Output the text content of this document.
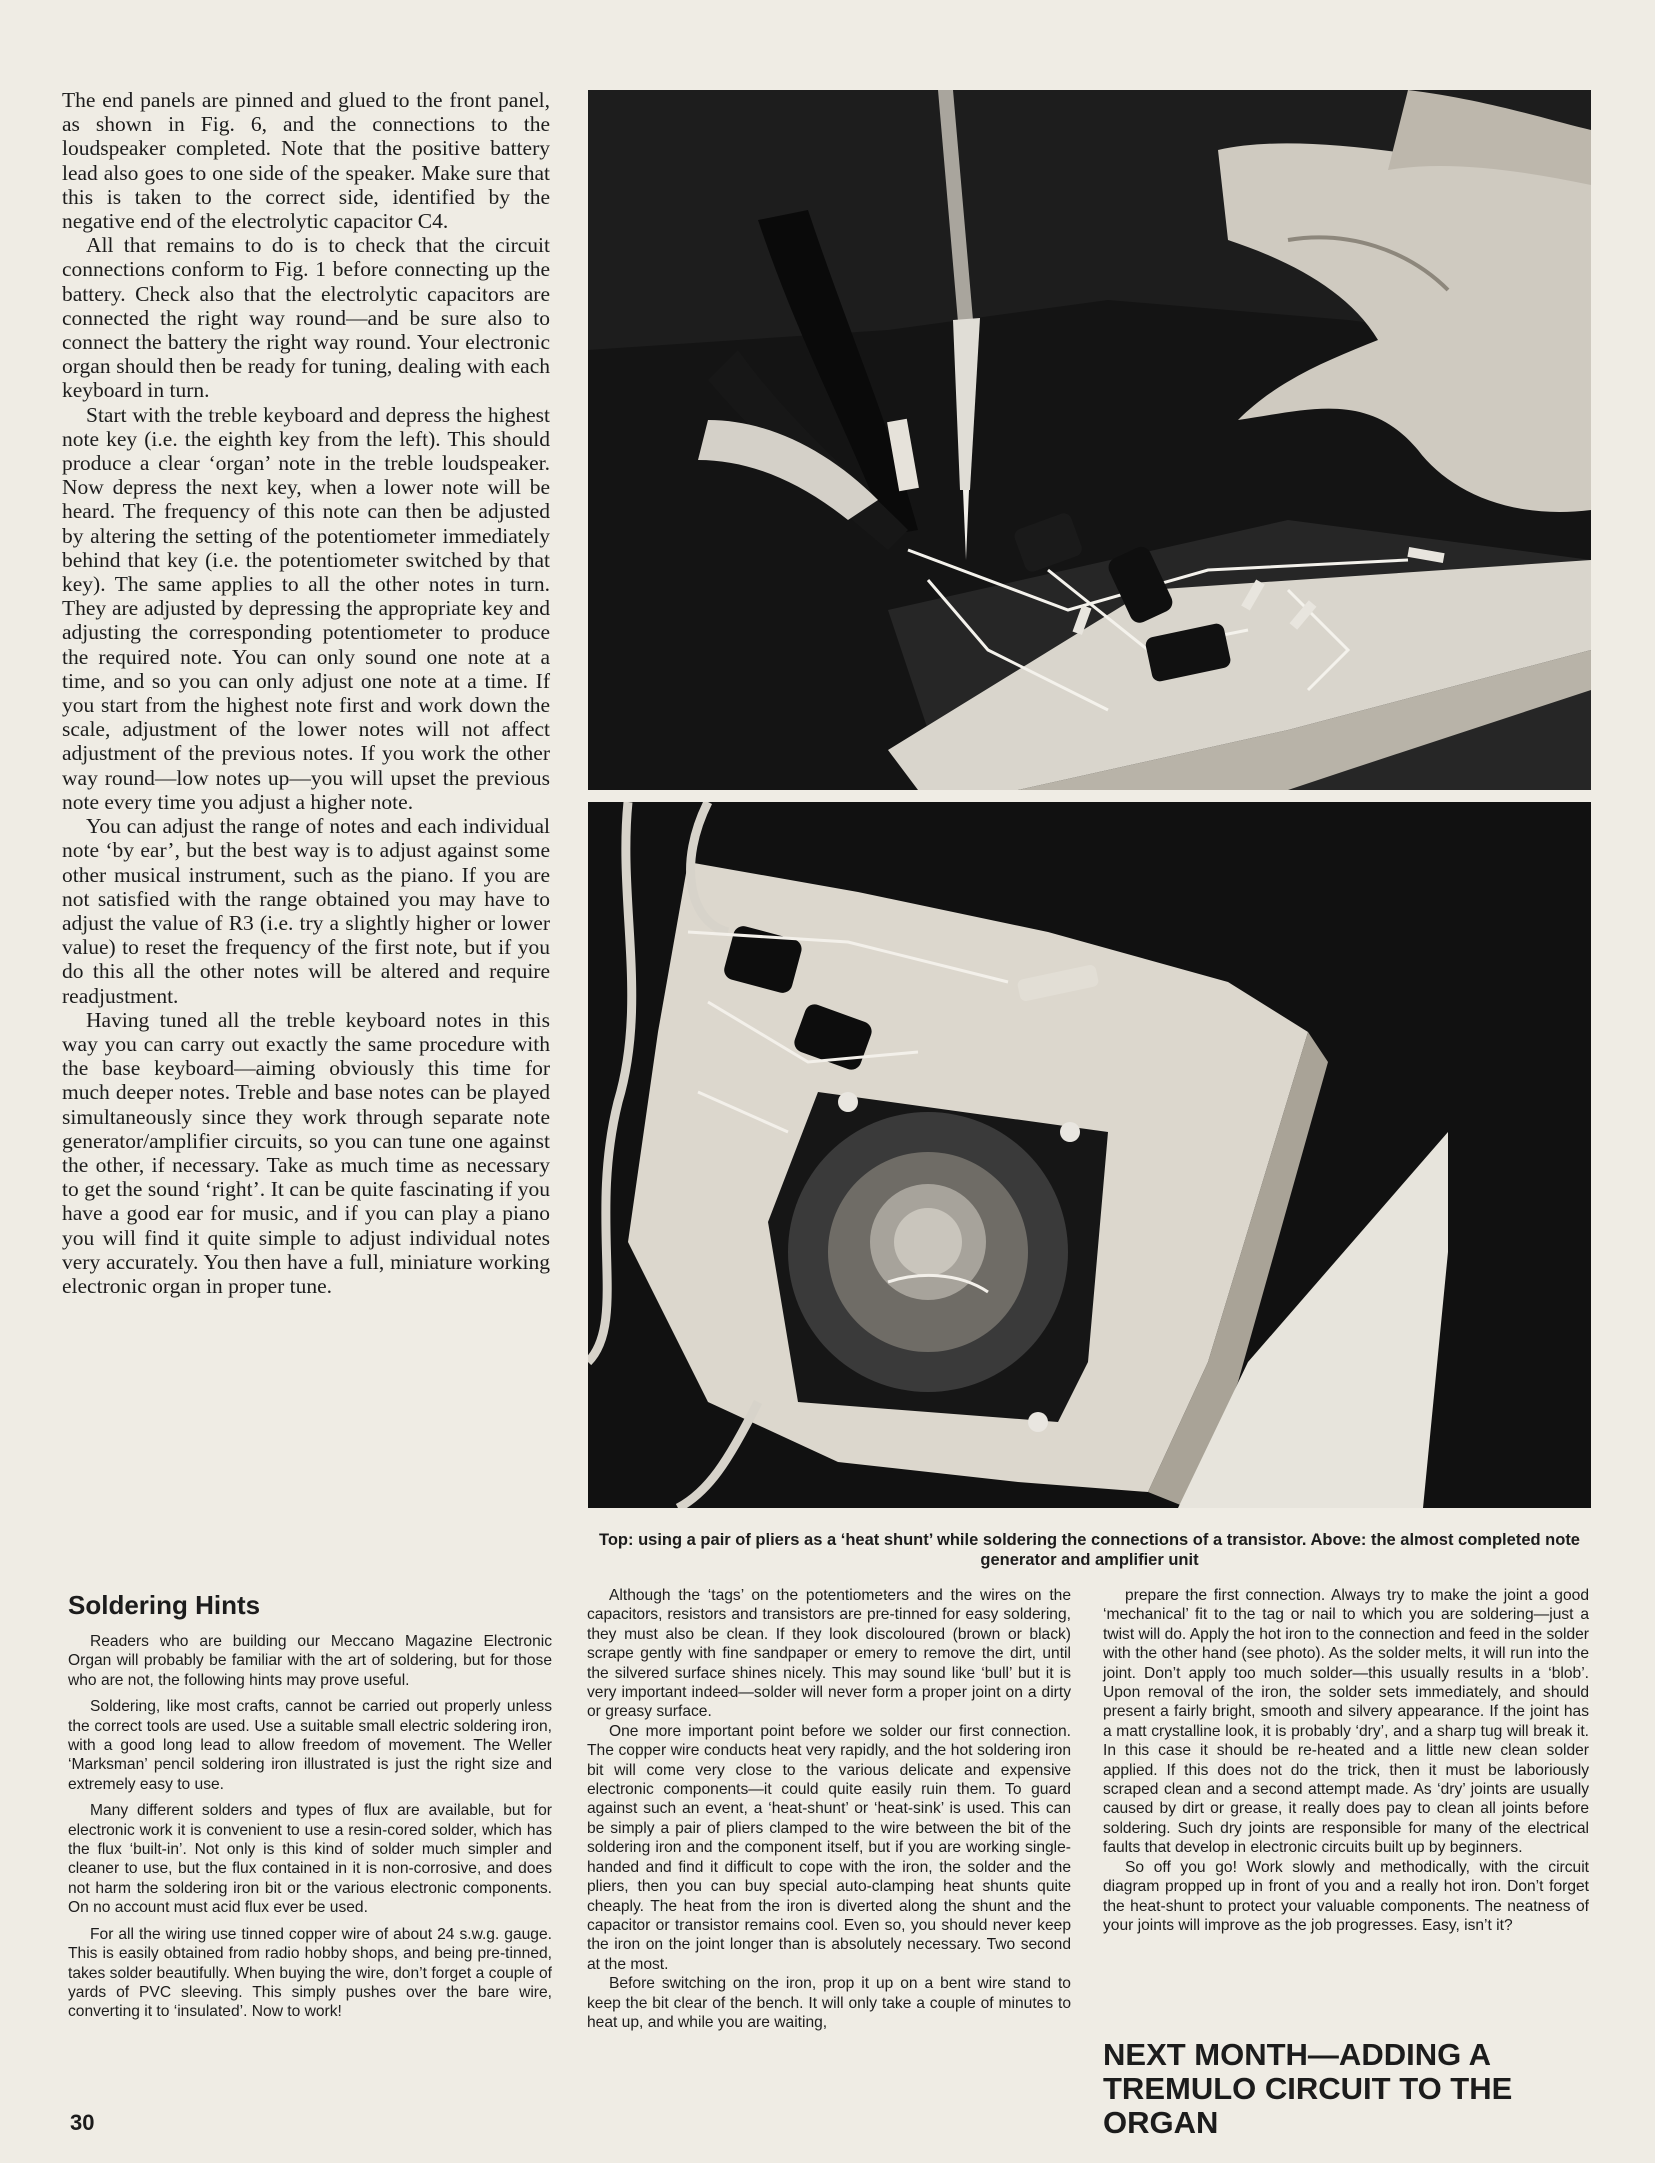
The end panels are pinned and glued to the front panel, as shown in Fig. 6, and the connections to the loudspeaker completed. Note that the positive battery lead also goes to one side of the speaker. Make sure that this is taken to the correct side, identified by the negative end of the electrolytic capacitor C4.

All that remains to do is to check that the circuit connections conform to Fig. 1 before connecting up the battery. Check also that the electrolytic capacitors are connected the right way round—and be sure also to connect the battery the right way round. Your electronic organ should then be ready for tuning, dealing with each keyboard in turn.

Start with the treble keyboard and depress the highest note key (i.e. the eighth key from the left). This should produce a clear ‘organ’ note in the treble loudspeaker. Now depress the next key, when a lower note will be heard. The frequency of this note can then be adjusted by altering the setting of the potentiometer immediately behind that key (i.e. the potentiometer switched by that key). The same applies to all the other notes in turn. They are adjusted by depressing the appropriate key and adjusting the corresponding potentiometer to produce the required note. You can only sound one note at a time, and so you can only adjust one note at a time. If you start from the highest note first and work down the scale, adjustment of the lower notes will not affect adjustment of the previous notes. If you work the other way round—low notes up—you will upset the previous note every time you adjust a higher note.

You can adjust the range of notes and each individual note ‘by ear’, but the best way is to adjust against some other musical instrument, such as the piano. If you are not satisfied with the range obtained you may have to adjust the value of R3 (i.e. try a slightly higher or lower value) to reset the frequency of the first note, but if you do this all the other notes will be altered and require readjustment.

Having tuned all the treble keyboard notes in this way you can carry out exactly the same procedure with the base keyboard—aiming obviously this time for much deeper notes. Treble and base notes can be played simultaneously since they work through separate note generator/amplifier circuits, so you can tune one against the other, if necessary. Take as much time as necessary to get the sound ‘right’. It can be quite fascinating if you have a good ear for music, and if you can play a piano you will find it quite simple to adjust individual notes very accurately. You then have a full, miniature working electronic organ in proper tune.

Top: using a pair of pliers as a ‘heat shunt’ while soldering the connections of a transistor. Above: the almost completed note generator and amplifier unit
Soldering Hints

Readers who are building our Meccano Magazine Electronic Organ will probably be familiar with the art of soldering, but for those who are not, the following hints may prove useful.

Soldering, like most crafts, cannot be carried out properly unless the correct tools are used. Use a suitable small electric soldering iron, with a good long lead to allow freedom of movement. The Weller ‘Marksman’ pencil soldering iron illustrated is just the right size and extremely easy to use.

Many different solders and types of flux are available, but for electronic work it is convenient to use a resin-cored solder, which has the flux ‘built-in’. Not only is this kind of solder much simpler and cleaner to use, but the flux contained in it is non-corrosive, and does not harm the soldering iron bit or the various electronic components. On no account must acid flux ever be used.

For all the wiring use tinned copper wire of about 24 s.w.g. gauge. This is easily obtained from radio hobby shops, and being pre-tinned, takes solder beautifully. When buying the wire, don’t forget a couple of yards of PVC sleeving. This simply pushes over the bare wire, converting it to ‘insulated’. Now to work!

Although the ‘tags’ on the potentiometers and the wires on the capacitors, resistors and transistors are pre-tinned for easy soldering, they must also be clean. If they look discoloured (brown or black) scrape gently with fine sandpaper or emery to remove the dirt, until the silvered surface shines nicely. This may sound like ‘bull’ but it is very important indeed—solder will never form a proper joint on a dirty or greasy surface.

One more important point before we solder our first connection. The copper wire conducts heat very rapidly, and the hot soldering iron bit will come very close to the various delicate and expensive electronic components—it could quite easily ruin them. To guard against such an event, a ‘heat-shunt’ or ‘heat-sink’ is used. This can be simply a pair of pliers clamped to the wire between the bit of the soldering iron and the component itself, but if you are working single-handed and find it difficult to cope with the iron, the solder and the pliers, then you can buy special auto-clamping heat shunts quite cheaply. The heat from the iron is diverted along the shunt and the capacitor or transistor remains cool. Even so, you should never keep the iron on the joint longer than is absolutely necessary. Two second at the most.

Before switching on the iron, prop it up on a bent wire stand to keep the bit clear of the bench. It will only take a couple of minutes to heat up, and while you are waiting,

prepare the first connection. Always try to make the joint a good ‘mechanical’ fit to the tag or nail to which you are soldering—just a twist will do. Apply the hot iron to the connection and feed in the solder with the other hand (see photo). As the solder melts, it will run into the joint. Don’t apply too much solder—this usually results in a ‘blob’. Upon removal of the iron, the solder sets immediately, and should present a fairly bright, smooth and silvery appearance. If the joint has a matt crystalline look, it is probably ‘dry’, and a sharp tug will break it. In this case it should be re-heated and a little new clean solder applied. If this does not do the trick, then it must be laboriously scraped clean and a second attempt made. As ‘dry’ joints are usually caused by dirt or grease, it really does pay to clean all joints before soldering. Such dry joints are responsible for many of the electrical faults that develop in electronic circuits built up by beginners.

So off you go! Work slowly and methodically, with the circuit diagram propped up in front of you and a really hot iron. Don’t forget the heat-shunt to protect your valuable components. The neatness of your joints will improve as the job progresses. Easy, isn’t it?

NEXT MONTH—ADDING A TREMULO CIRCUIT TO THE ORGAN
30
